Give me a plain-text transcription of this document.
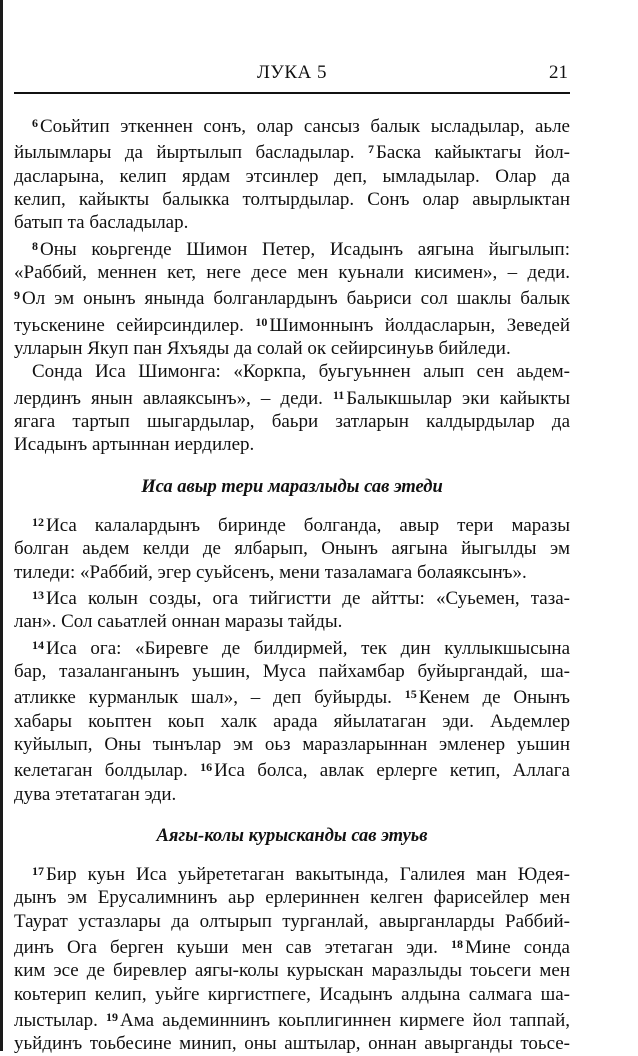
ЛУКА 5	21

$^6$ Соьйтип эткеннен сонъ, олар сансыз балык ысладылар, аьле
йылымлары да йыртылып басладылар. $^7$ Баска кайыктагы йол-
дасларына, келип ярдам этсинлер деп, ымладылар. Олар да
келип, кайыкты балыкка толтырдылар. Сонъ олар авырлыктан
батып та басладылар.

$^8$ Оны коьргенде Шимон Петер, Исадынъ аягына йыгылып:
«Раббий, меннен кет, неге десе мен куьнали кисимен», – деди.
$^9$ Ол эм онынъ янында болганлардынъ баьриси сол шаклы балык
туьскенине сейирсиндилер. $^{10}$ Шимоннынъ йолдасларын, Зеведей
улларын Якуп пан Яхъяды да солай ок сейирсинуьв бийледи.

Сонда Иса Шимонга: «Коркпа, буьгуьннен алып сен аьдем-
лердинъ янын авлаяксынъ», – деди. $^{11}$ Балыкшылар эки кайыкты
ягага тартып шыгардылар, баьри затларын калдырдылар да
Исадынъ артыннан иердилер.

Иса авыр тери маразлыды сав этеди

$^{12}$ Иса калалардынъ биринде болганда, авыр тери маразы
болган аьдем келди де ялбарып, Онынъ аягына йыгылды эм
тиледи: «Раббий, эгер суьйсенъ, мени тазаламага болаяксынъ».

$^{13}$ Иса колын созды, ога тийгистти де айтты: «Суьемен, таза-
лан». Сол саьатлей оннан маразы тайды.

$^{14}$ Иса ога: «Биревге де билдирмей, тек дин куллыкшысына
бар, тазаланганынъ уьшин, Муса пайхамбар буйыргандай, ша-
атликке курманлык шал», – деп буйырды. $^{15}$ Кенем де Онынъ
хабары коьптен коьп халк арада яйылатаган эди. Аьдемлер
куйылып, Оны тынълар эм оьз маразларыннан эмленер уьшин
келетаган болдылар. $^{16}$ Иса болса, авлак ерлерге кетип, Аллага
дува этетатаган эди.

Аягы-колы курысканды сав этуьв

$^{17}$ Бир куьн Иса уьйрететаган вакытында, Галилея ман Юдея-
дынъ эм Ерусалимнинъ аьр ерлериннен келген фарисейлер мен
Таурат устазлары да олтырып турганлай, авырганларды Раббий-
динъ Ога берген куьши мен сав этетаган эди. $^{18}$ Мине сонда
ким эсе де биревлер аягы-колы курыскан маразлыды тоьсеги мен
коьтерип келип, уьйге киргистпеге, Исадынъ алдына салмага ша-
лыстылар. $^{19}$ Ама аьдеминнинъ коьплигиннен кирмеге йол таппай,
уьйдинъ тоьбесине минип, оны аштылар, оннан авырганды тоьсе-
